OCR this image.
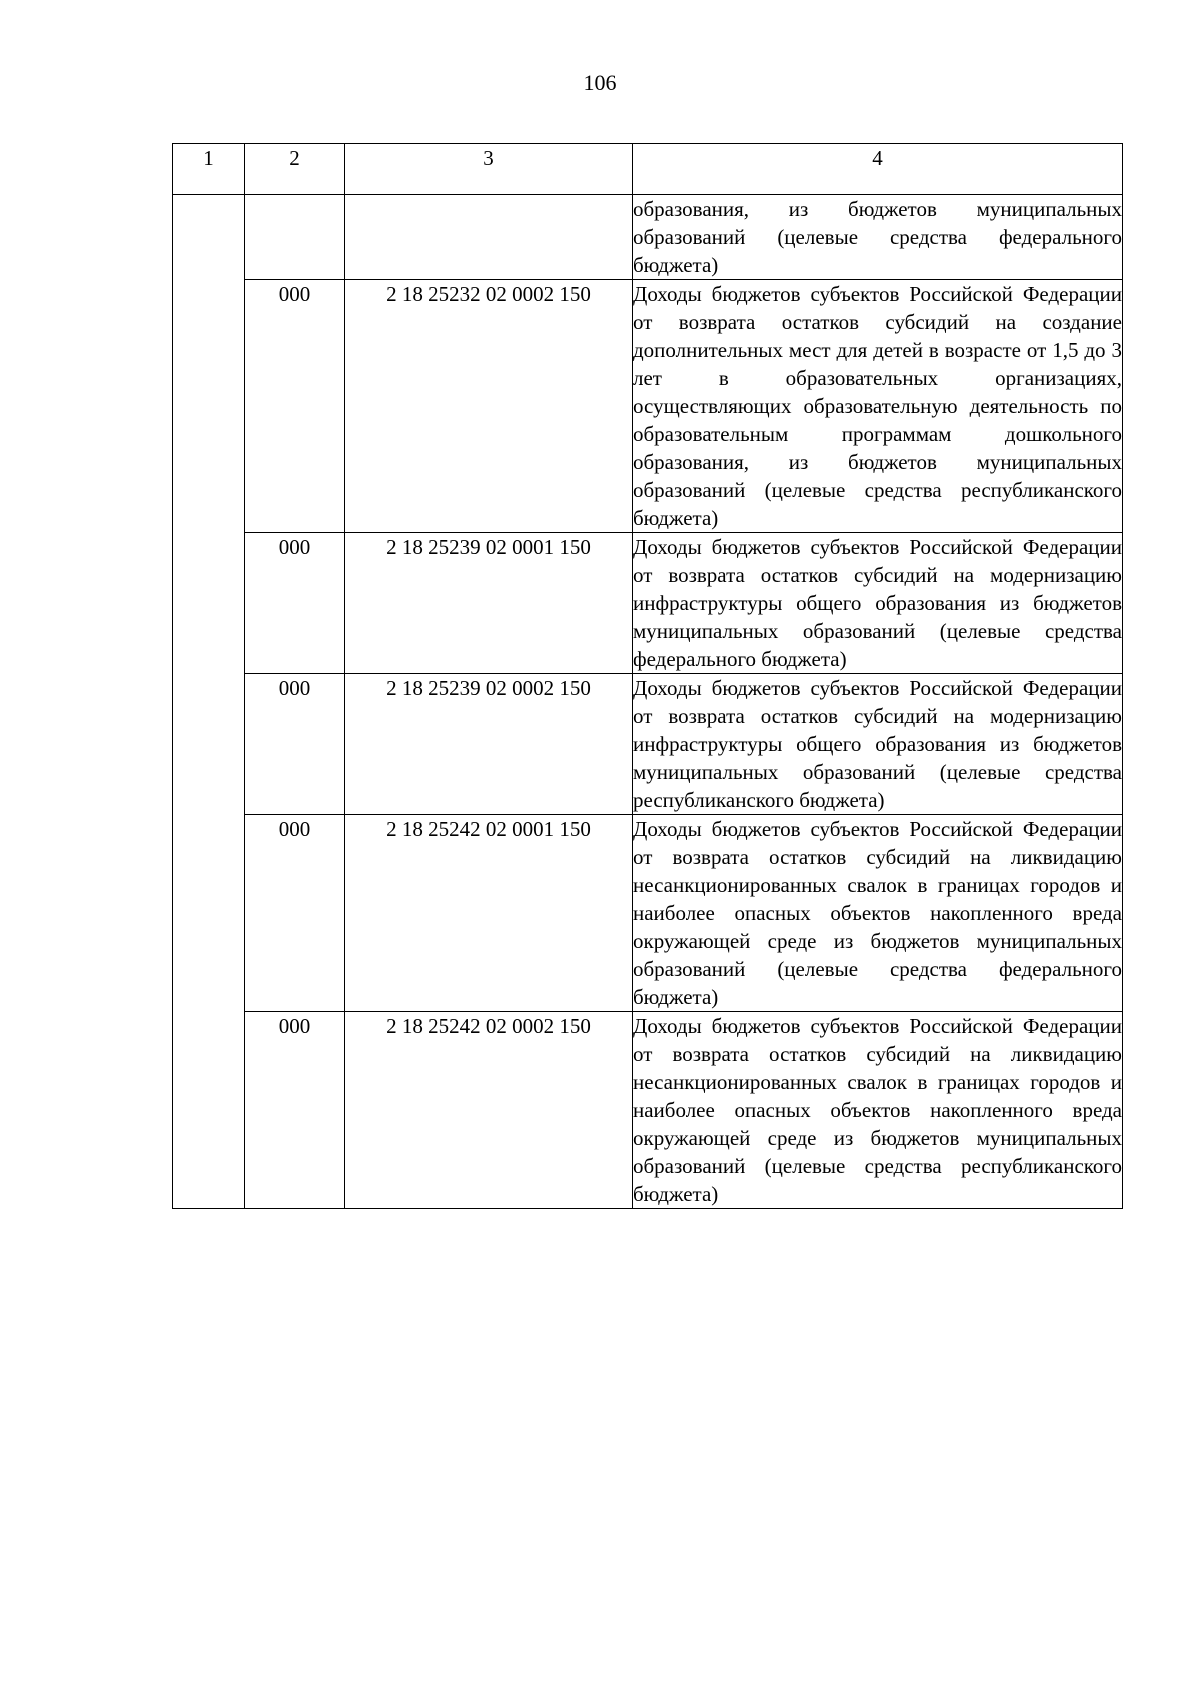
106
1	2	3	4
			образования, из бюджетов муниципальных образований (целевые средства федерального бюджета)
	000	2 18 25232 02 0002 150	Доходы бюджетов субъектов Российской Федерации от возврата остатков субсидий на создание дополнительных мест для детей в возрасте от 1,5 до 3 лет в образовательных организациях, осуществляющих образовательную деятельность по образовательным программам дошкольного образования, из бюджетов муниципальных образований (целевые средства республиканского бюджета)
	000	2 18 25239 02 0001 150	Доходы бюджетов субъектов Российской Федерации от возврата остатков субсидий на модернизацию инфраструктуры общего образования из бюджетов муниципальных образований (целевые средства федерального бюджета)
	000	2 18 25239 02 0002 150	Доходы бюджетов субъектов Российской Федерации от возврата остатков субсидий на модернизацию инфраструктуры общего образования из бюджетов муниципальных образований (целевые средства республиканского бюджета)
	000	2 18 25242 02 0001 150	Доходы бюджетов субъектов Российской Федерации от возврата остатков субсидий на ликвидацию несанкционированных свалок в границах городов и наиболее опасных объектов накопленного вреда окружающей среде из бюджетов муниципальных образований (целевые средства федерального бюджета)
	000	2 18 25242 02 0002 150	Доходы бюджетов субъектов Российской Федерации от возврата остатков субсидий на ликвидацию несанкционированных свалок в границах городов и наиболее опасных объектов накопленного вреда окружающей среде из бюджетов муниципальных образований (целевые средства республиканского бюджета)
